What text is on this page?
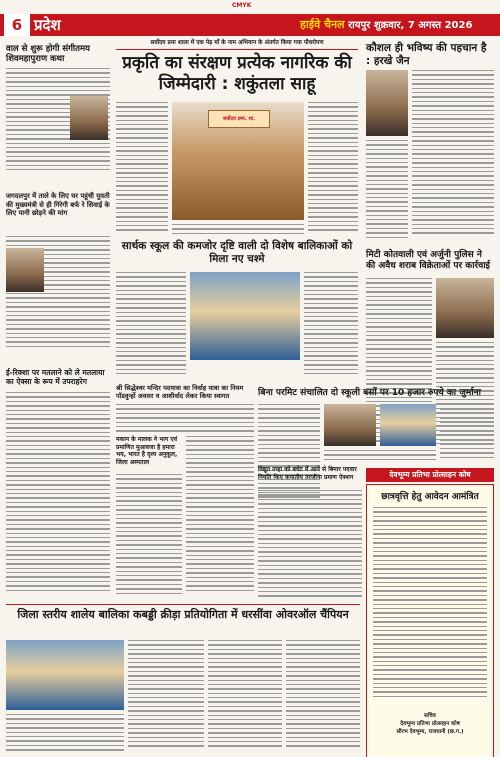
CMYK
6 प्रदेश	हाईवे चैनल रायपुर शुक्रवार, 7 अगस्त 2026
वाल से शुरू होगी संगीतमय शिवमहापुराण कथा
जगदलपुर में ताले के लिए घर पहुंची युवती की मुख्यमंत्री से ही गिरेगी बर्फ रे सिवाई के लिए पानी छोड़ने की मांग
ई-रिक्शा पर मतलाने को ले मतलाया का ऐक्सा के रूप में उपराहरेग
सर्वोदय प्रमा शाला में एक पेड़ माँ के नाम अभियान के अंतर्गत किया गया पौधरोपण
प्रकृति का संरक्षण प्रत्येक नागरिक की जिम्मेदारी : शकुंतला साहू
सर्वोदय प्रमा. शा.
कौशल ही भविष्य की पहचान है : हरखे जैन
सार्थक स्कूल की कमजोर दृष्टि वाली दो विशेष बालिकाओं को मिला नए चश्मे	मिटी कोतवाली एवं अर्जुनी पुलिस ने की अवैध शराब विक्रेताओं पर कार्रवाई
श्री सिद्धेश्वर मन्दिर पदयात्रा का निर्वाह यात्रा का नियम पॉडवुन्हों अवसर व आशीर्वाद लेकर किया स्वागत
मकान के मालक ने भाग एवं प्रमाणित मुआवजा है हमारा भय, भारत है दृश्य अनुकूल, जिला अस्पताल
बिना परमिट संचालित दो स्कूली बसों पर 10 हजार रुपये का जुर्माना
विद्युत तन्हा को बचेट में आने से बिमार पदवार नियति किए कपातीय तरजीना प्रमाण ऐक्शन	देवभूम्य प्रतिभा प्रोत्साहन कोष
छात्रवृत्ति हेतु आवेदन आमंत्रित
सचिव
देवभूम्य प्रतिभा प्रोत्साहन कोष
सौरभ देवभूम्य, राजधानी (छ.ग.)
जिला स्तरीय शालेय बालिका कबड्डी क्रीड़ा प्रतियोगिता में धरसींवा ओवरऑल चैंपियन
